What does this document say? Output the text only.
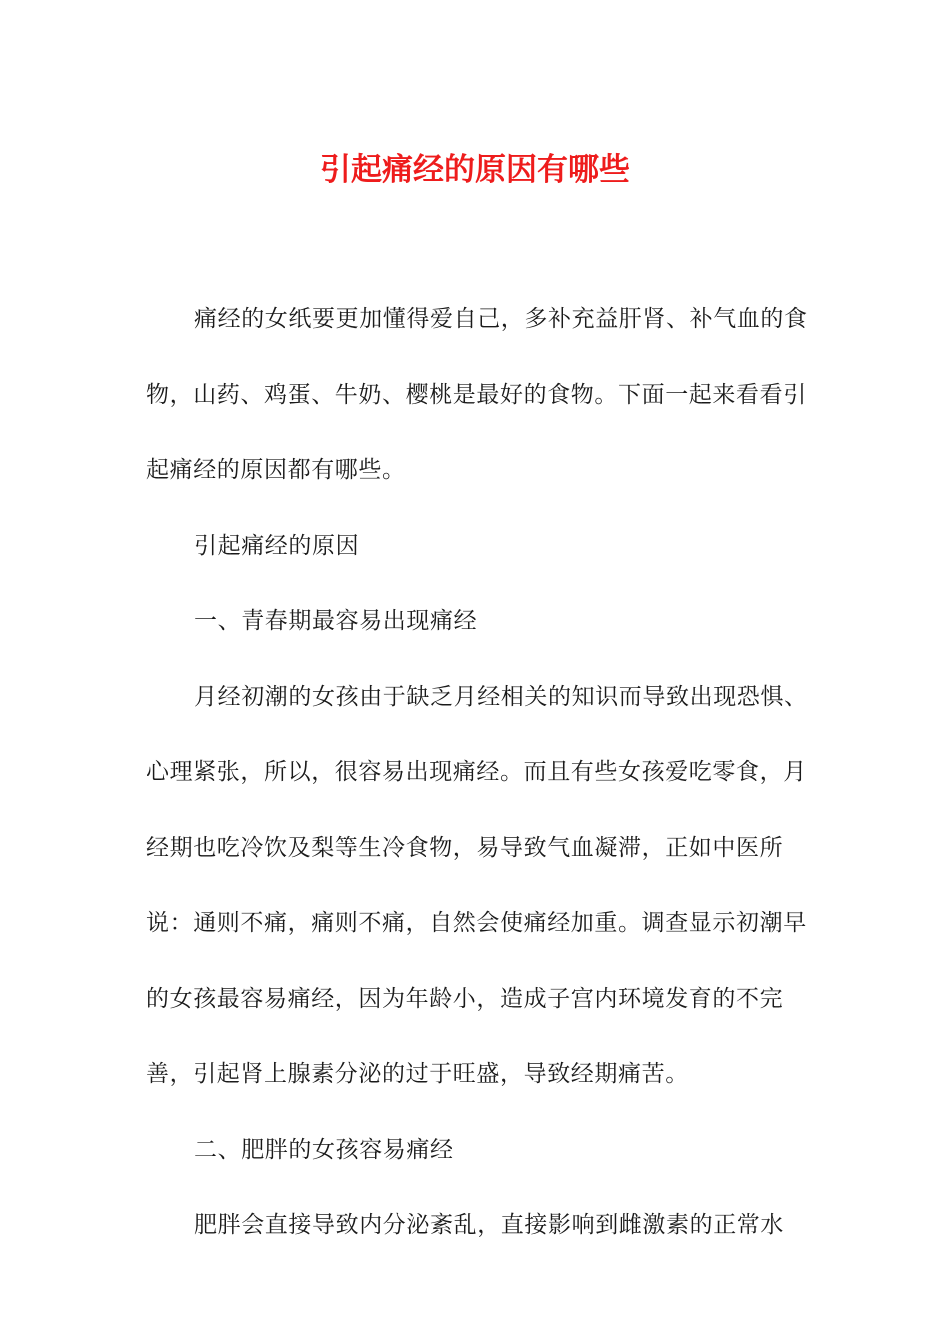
引起痛经的原因有哪些

痛经的女纸要更加懂得爱自己，多补充益肝肾、补气血的食物，山药、鸡蛋、牛奶、樱桃是最好的食物。下面一起来看看引起痛经的原因都有哪些。

引起痛经的原因

一、青春期最容易出现痛经

月经初潮的女孩由于缺乏月经相关的知识而导致出现恐惧、心理紧张，所以，很容易出现痛经。而且有些女孩爱吃零食，月经期也吃冷饮及梨等生冷食物，易导致气血凝滞，正如中医所说：通则不痛，痛则不痛，自然会使痛经加重。调查显示初潮早的女孩最容易痛经，因为年龄小，造成子宫内环境发育的不完善，引起肾上腺素分泌的过于旺盛，导致经期痛苦。

二、肥胖的女孩容易痛经

肥胖会直接导致内分泌紊乱，直接影响到雌激素的正常水
